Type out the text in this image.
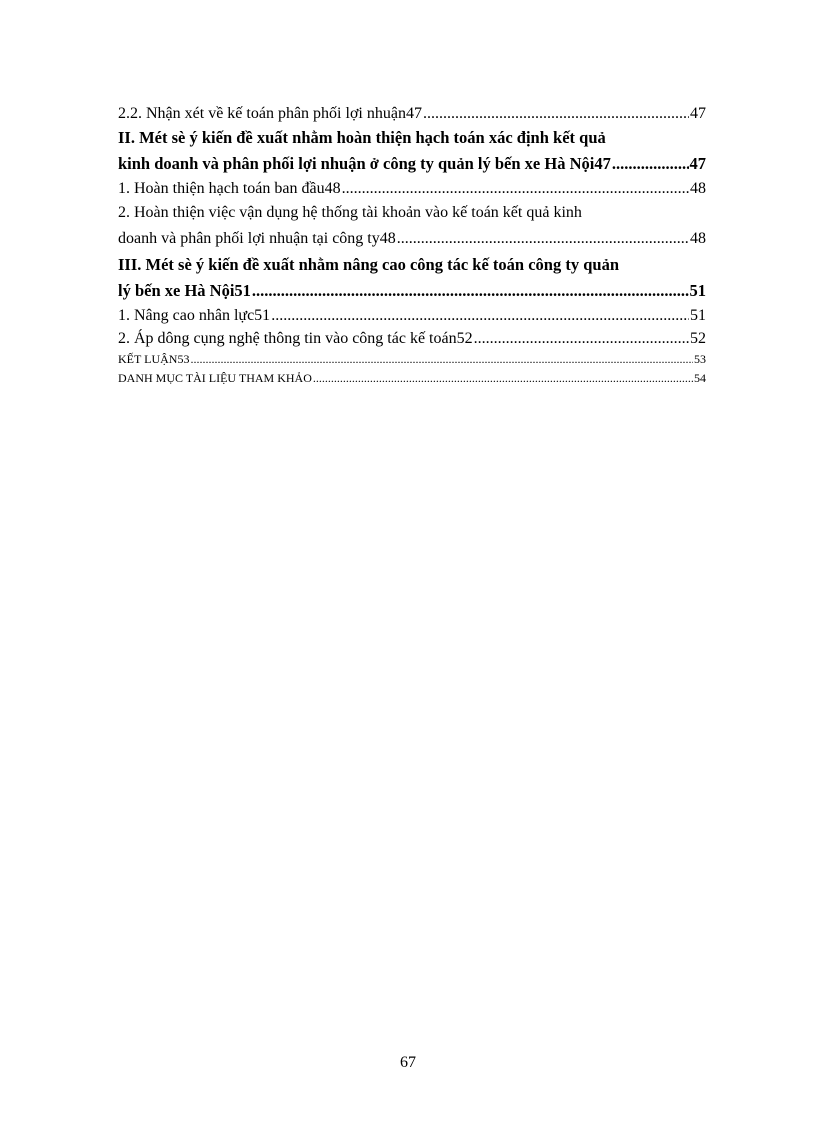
2.2. Nhận xét về kế toán phân phối lợi nhuận47 .....	47
II. Mét sè ý kiến đề xuất nhằm hoàn thiện hạch toán xác định kết quả
kinh doanh và phân phối lợi nhuận ở công ty quản lý bến xe Hà Nội47 .....	47
1. Hoàn thiện hạch toán ban đầu48 .....	48
2. Hoàn thiện việc vận dụng hệ thống tài khoản vào kế toán kết quả kinh
doanh và phân phối lợi nhuận tại công ty48 .....	48
III. Mét sè ý kiến đề xuất nhằm nâng cao công tác kế toán công ty quản
lý bến xe Hà Nội51 .....	51
1. Nâng cao nhân lực51 .....	51
2. Áp dông cụng nghệ thông tin vào công tác kế toán52 .....	52
KẾT LUẬN53 .....	53
DANH MỤC TÀI LIỆU THAM KHẢO .....	54
67
